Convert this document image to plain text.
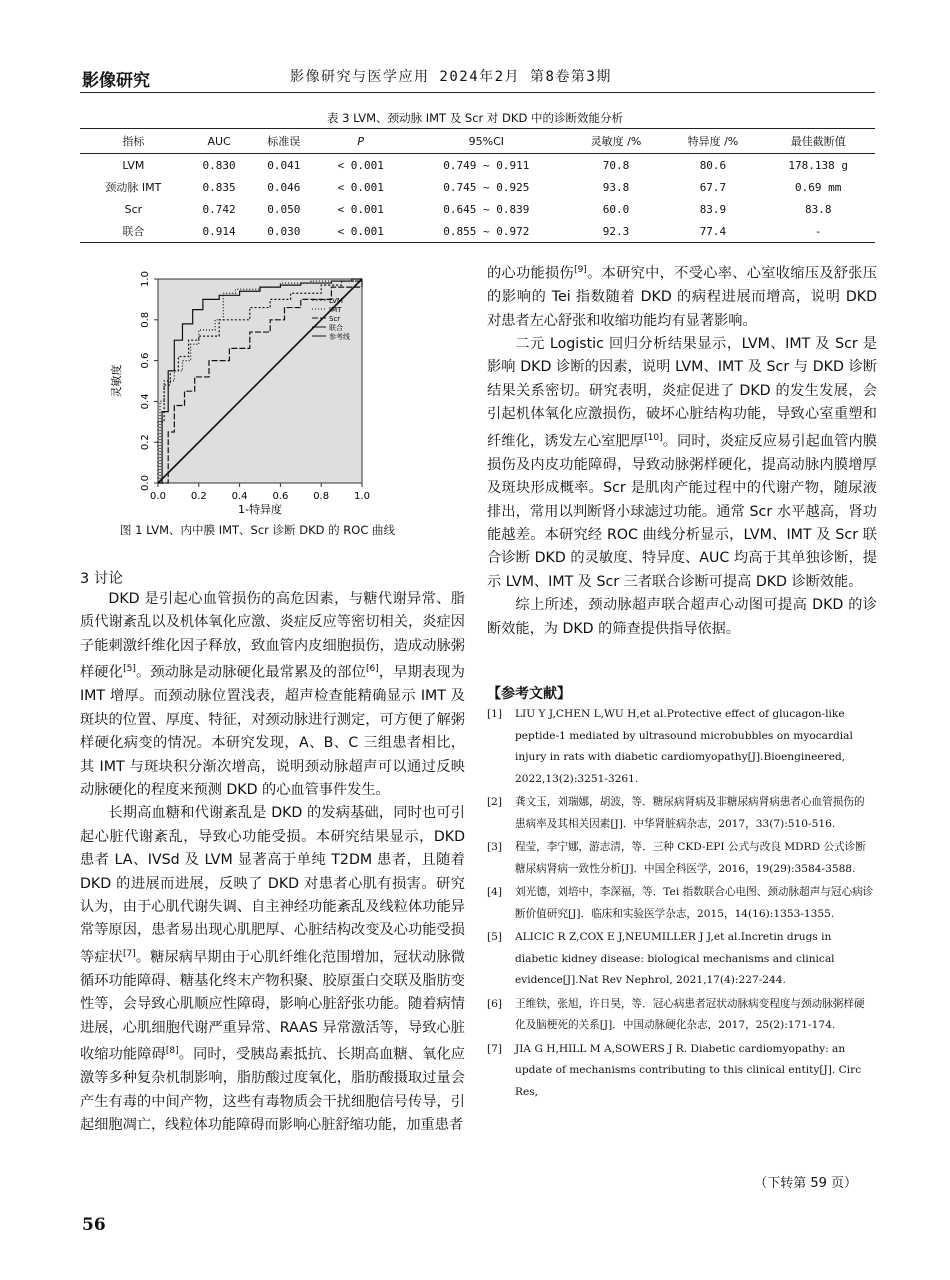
影像研究	影像研究与医学应用 2024年2月 第8卷第3期
表 3 LVM、颈动脉 IMT 及 Scr 对 DKD 中的诊断效能分析
指标	AUC	标准误	P	95%CI	灵敏度 /%	特异度 /%	最佳截断值
LVM	0.830	0.041	< 0.001	0.749 ~ 0.911	70.8	80.6	178.138 g
颈动脉 IMT	0.835	0.046	< 0.001	0.745 ~ 0.925	93.8	67.7	0.69 mm
Scr	0.742	0.050	< 0.001	0.645 ~ 0.839	60.0	83.9	83.8
联合	0.914	0.030	< 0.001	0.855 ~ 0.972	92.3	77.4	-
0.0
0.2
0.4
0.6
0.8
1.0
0.0 0.2 0.4 0.6 0.8 1.0
1-特异度
灵敏度
LVM
IMT
Scr
联合
参考线
图 1 LVM、内中膜 IMT、Scr 诊断 DKD 的 ROC 曲线
3 讨论

DKD 是引起心血管损伤的高危因素，与糖代谢异常、脂质代谢紊乱以及机体氧化应激、炎症反应等密切相关，炎症因子能刺激纤维化因子释放，致血管内皮细胞损伤，造成动脉粥样硬化[5]。颈动脉是动脉硬化最常累及的部位[6]，早期表现为 IMT 增厚。而颈动脉位置浅表，超声检查能精确显示 IMT 及斑块的位置、厚度、特征，对颈动脉进行测定，可方便了解粥样硬化病变的情况。本研究发现，A、B、C 三组患者相比，其 IMT 与斑块积分渐次增高，说明颈动脉超声可以通过反映动脉硬化的程度来预测 DKD 的心血管事件发生。

长期高血糖和代谢紊乱是 DKD 的发病基础，同时也可引起心脏代谢紊乱，导致心功能受损。本研究结果显示，DKD 患者 LA、IVSd 及 LVM 显著高于单纯 T2DM 患者，且随着 DKD 的进展而进展，反映了 DKD 对患者心肌有损害。研究认为，由于心肌代谢失调、自主神经功能紊乱及线粒体功能异常等原因，患者易出现心肌肥厚、心脏结构改变及心功能受损等症状[7]。糖尿病早期由于心肌纤维化范围增加，冠状动脉微循环功能障碍、糖基化终末产物积聚、胶原蛋白交联及脂肪变性等，会导致心肌顺应性障碍，影响心脏舒张功能。随着病情进展，心肌细胞代谢严重异常、RAAS 异常激活等，导致心脏收缩功能障碍[8]。同时，受胰岛素抵抗、长期高血糖、氧化应激等多种复杂机制影响，脂肪酸过度氧化，脂肪酸摄取过量会产生有毒的中间产物，这些有毒物质会干扰细胞信号传导，引起细胞凋亡，线粒体功能障碍而影响心脏舒缩功能，加重患者

的心功能损伤[9]。本研究中，不受心率、心室收缩压及舒张压的影响的 Tei 指数随着 DKD 的病程进展而增高，说明 DKD 对患者左心舒张和收缩功能均有显著影响。

二元 Logistic 回归分析结果显示，LVM、IMT 及 Scr 是影响 DKD 诊断的因素，说明 LVM、IMT 及 Scr 与 DKD 诊断结果关系密切。研究表明，炎症促进了 DKD 的发生发展，会引起机体氧化应激损伤，破坏心脏结构功能，导致心室重塑和纤维化，诱发左心室肥厚[10]。同时，炎症反应易引起血管内膜损伤及内皮功能障碍，导致动脉粥样硬化，提高动脉内膜增厚及斑块形成概率。Scr 是肌肉产能过程中的代谢产物，随尿液排出，常用以判断肾小球滤过功能。通常 Scr 水平越高，肾功能越差。本研究经 ROC 曲线分析显示，LVM、IMT 及 Scr 联合诊断 DKD 的灵敏度、特异度、AUC 均高于其单独诊断，提示 LVM、IMT 及 Scr 三者联合诊断可提高 DKD 诊断效能。

综上所述，颈动脉超声联合超声心动图可提高 DKD 的诊断效能，为 DKD 的筛查提供指导依据。

【参考文献】
[1]	LIU Y J,CHEN L,WU H,et al.Protective effect of glucagon-like peptide-1 mediated by ultrasound microbubbles on myocardial injury in rats with diabetic cardiomyopathy[J].Bioengineered, 2022,13(2):3251-3261.
[2]	龚文玉，刘瑞娜，胡波，等．糖尿病肾病及非糖尿病肾病患者心血管损伤的患病率及其相关因素[J]．中华肾脏病杂志，2017，33(7):510-516.
[3]	程莹，李宁娜，游志清，等．三种 CKD-EPI 公式与改良 MDRD 公式诊断糖尿病肾病一致性分析[J]．中国全科医学，2016，19(29):3584-3588.
[4]	刘光德，刘培中，李深福，等．Tei 指数联合心电图、颈动脉超声与冠心病诊断价值研究[J]．临床和实验医学杂志，2015，14(16):1353-1355.
[5]	ALICIC R Z,COX E J,NEUMILLER J J,et al.Incretin drugs in diabetic kidney disease: biological mechanisms and clinical evidence[J].Nat Rev Nephrol, 2021,17(4):227-244.
[6]	王维铁，张旭，许日昊，等．冠心病患者冠状动脉病变程度与颈动脉粥样硬化及脑梗死的关系[J]．中国动脉硬化杂志，2017，25(2):171-174.
[7]	JIA G H,HILL M A,SOWERS J R. Diabetic cardiomyopathy: an update of mechanisms contributing to this clinical entity[J]. Circ Res,
（下转第 59 页）
56
